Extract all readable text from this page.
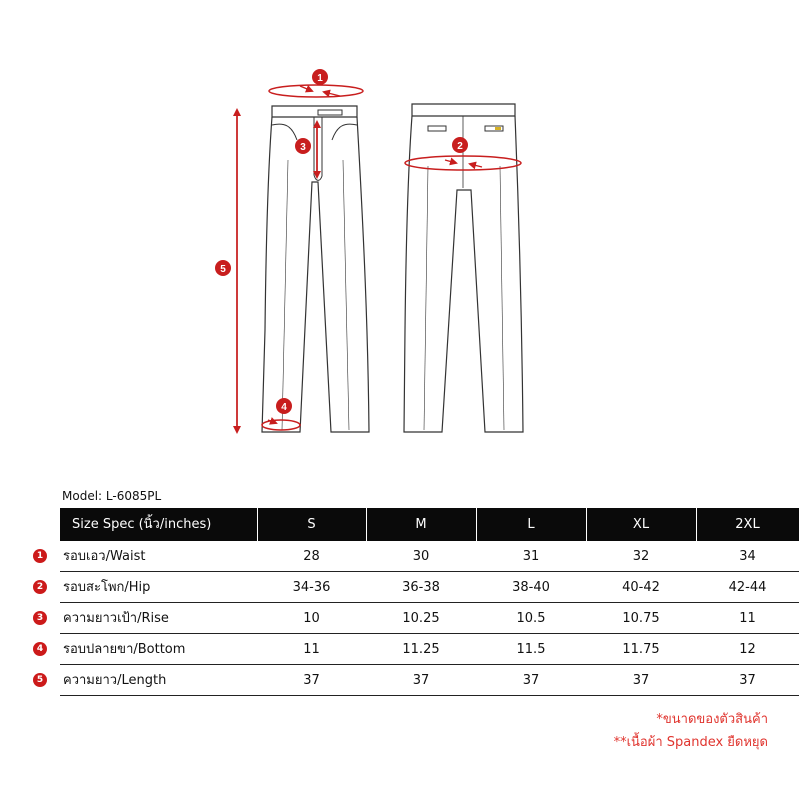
1
2
3
4
5
Model: L-6085PL
Size Spec (นิ้ว/inches)	S	M	L	XL	2XL
1 รอบเอว/Waist	28	30	31	32	34
2 รอบสะโพก/Hip	34-36	36-38	38-40	40-42	42-44
3 ความยาวเป้า/Rise	10	10.25	10.5	10.75	11
4 รอบปลายขา/Bottom	11	11.25	11.5	11.75	12
5 ความยาว/Length	37	37	37	37	37
*ขนาดของตัวสินค้า
**เนื้อผ้า Spandex ยืดหยุด
